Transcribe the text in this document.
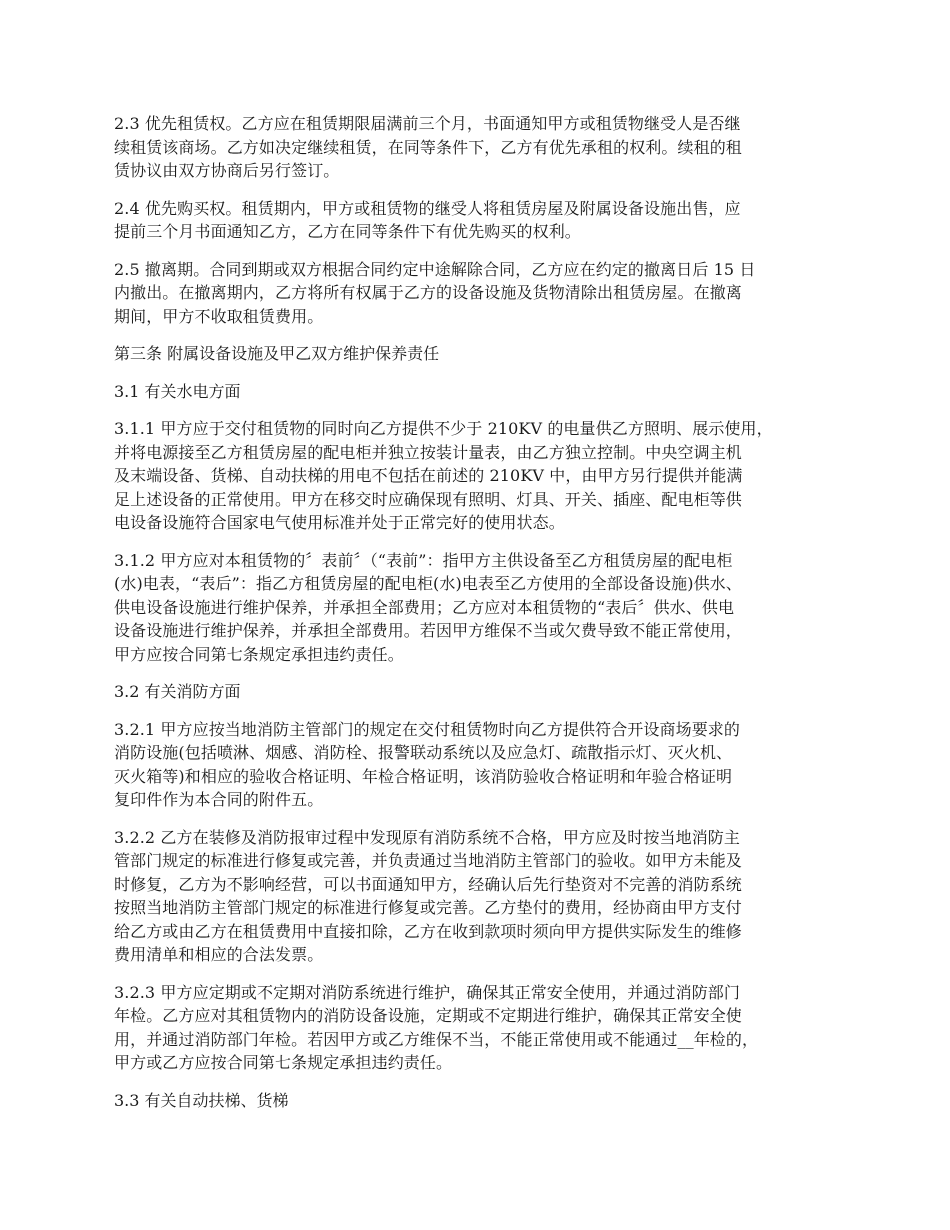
2.3 优先租赁权。乙方应在租赁期限届满前三个月，书面通知甲方或租赁物继受人是否继
续租赁该商场。乙方如决定继续租赁，在同等条件下，乙方有优先承租的权利。续租的租
赁协议由双方协商后另行签订。

2.4 优先购买权。租赁期内，甲方或租赁物的继受人将租赁房屋及附属设备设施出售，应
提前三个月书面通知乙方，乙方在同等条件下有优先购买的权利。

2.5 撤离期。合同到期或双方根据合同约定中途解除合同，乙方应在约定的撤离日后 15 日
内撤出。在撤离期内，乙方将所有权属于乙方的设备设施及货物清除出租赁房屋。在撤离
期间，甲方不收取租赁费用。

第三条 附属设备设施及甲乙双方维护保养责任

3.1 有关水电方面

3.1.1 甲方应于交付租赁物的同时向乙方提供不少于 210KV 的电量供乙方照明、展示使用，
并将电源接至乙方租赁房屋的配电柜并独立按装计量表，由乙方独立控制。中央空调主机
及末端设备、货梯、自动扶梯的用电不包括在前述的 210KV 中，由甲方另行提供并能满
足上述设备的正常使用。甲方在移交时应确保现有照明、灯具、开关、插座、配电柜等供
电设备设施符合国家电气使用标准并处于正常完好的使用状态。

3.1.2 甲方应对本租赁物的〞表前〞（“表前”：指甲方主供设备至乙方租赁房屋的配电柜
(水)电表，“表后”：指乙方租赁房屋的配电柜(水)电表至乙方使用的全部设备设施)供水、
供电设备设施进行维护保养，并承担全部费用；乙方应对本租赁物的“表后〞供水、供电
设备设施进行维护保养，并承担全部费用。若因甲方维保不当或欠费导致不能正常使用，
甲方应按合同第七条规定承担违约责任。

3.2 有关消防方面

3.2.1 甲方应按当地消防主管部门的规定在交付租赁物时向乙方提供符合开设商场要求的
消防设施(包括喷淋、烟感、消防栓、报警联动系统以及应急灯、疏散指示灯、灭火机、
灭火箱等)和相应的验收合格证明、年检合格证明，该消防验收合格证明和年验合格证明
复印件作为本合同的附件五。

3.2.2 乙方在装修及消防报审过程中发现原有消防系统不合格，甲方应及时按当地消防主
管部门规定的标准进行修复或完善，并负责通过当地消防主管部门的验收。如甲方未能及
时修复，乙方为不影响经营，可以书面通知甲方，经确认后先行垫资对不完善的消防系统
按照当地消防主管部门规定的标准进行修复或完善。乙方垫付的费用，经协商由甲方支付
给乙方或由乙方在租赁费用中直接扣除，乙方在收到款项时须向甲方提供实际发生的维修
费用清单和相应的合法发票。

3.2.3 甲方应定期或不定期对消防系统进行维护，确保其正常安全使用，并通过消防部门
年检。乙方应对其租赁物内的消防设备设施，定期或不定期进行维护，确保其正常安全使
用，并通过消防部门年检。若因甲方或乙方维保不当，不能正常使用或不能通过__年检的，
甲方或乙方应按合同第七条规定承担违约责任。

3.3 有关自动扶梯、货梯
